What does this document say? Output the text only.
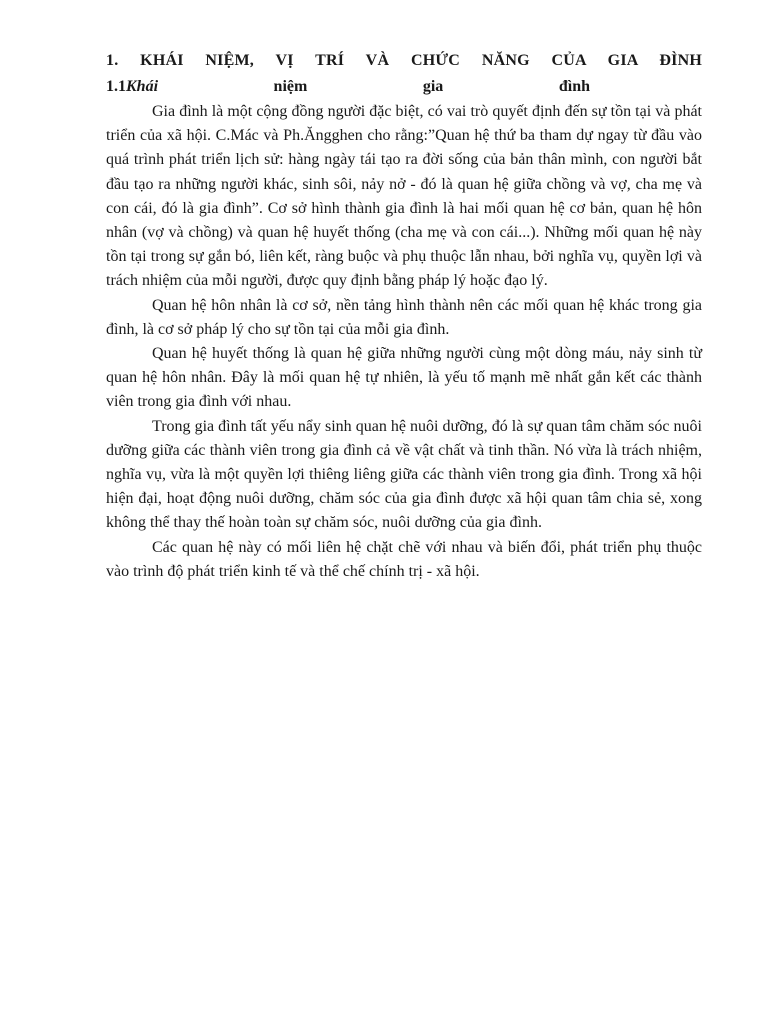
1. KHÁI NIỆM, VỊ TRÍ VÀ CHỨC NĂNG CỦA GIA ĐÌNH
1.1Khái	niệm	gia	đình

Gia đình là một cộng đồng người đặc biệt, có vai trò quyết định đến sự tồn tại và phát triển của xã hội. C.Mác và Ph.Ăngghen cho rằng:”Quan hệ thứ ba tham dự ngay từ đầu vào quá trình phát triển lịch sử: hàng ngày tái tạo ra đời sống của bản thân mình, con người bắt đầu tạo ra những người khác, sinh sôi, nảy nở - đó là quan hệ giữa chồng và vợ, cha mẹ và con cái, đó là gia đình”. Cơ sở hình thành gia đình là hai mối quan hệ cơ bản, quan hệ hôn nhân (vợ và chồng) và quan hệ huyết thống (cha mẹ và con cái...). Những mối quan hệ này tồn tại trong sự gắn bó, liên kết, ràng buộc và phụ thuộc lẫn nhau, bởi nghĩa vụ, quyền lợi và trách nhiệm của mỗi người, được quy định bằng pháp lý hoặc đạo lý.

Quan hệ hôn nhân là cơ sở, nền tảng hình thành nên các mối quan hệ khác trong gia đình, là cơ sở pháp lý cho sự tồn tại của mỗi gia đình.

Quan hệ huyết thống là quan hệ giữa những người cùng một dòng máu, nảy sinh từ quan hệ hôn nhân. Đây là mối quan hệ tự nhiên, là yếu tố mạnh mẽ nhất gắn kết các thành viên trong gia đình với nhau.

Trong gia đình tất yếu nẩy sinh quan hệ nuôi dưỡng, đó là sự quan tâm chăm sóc nuôi dưỡng giữa các thành viên trong gia đình cả về vật chất và tinh thần. Nó vừa là trách nhiệm, nghĩa vụ, vừa là một quyền lợi thiêng liêng giữa các thành viên trong gia đình. Trong xã hội hiện đại, hoạt động nuôi dưỡng, chăm sóc của gia đình được xã hội quan tâm chia sẻ, xong không thể thay thế hoàn toàn sự chăm sóc, nuôi dưỡng của gia đình.

Các quan hệ này có mối liên hệ chặt chẽ với nhau và biến đổi, phát triển phụ thuộc vào trình độ phát triển kinh tế và thể chế chính trị - xã hội.
